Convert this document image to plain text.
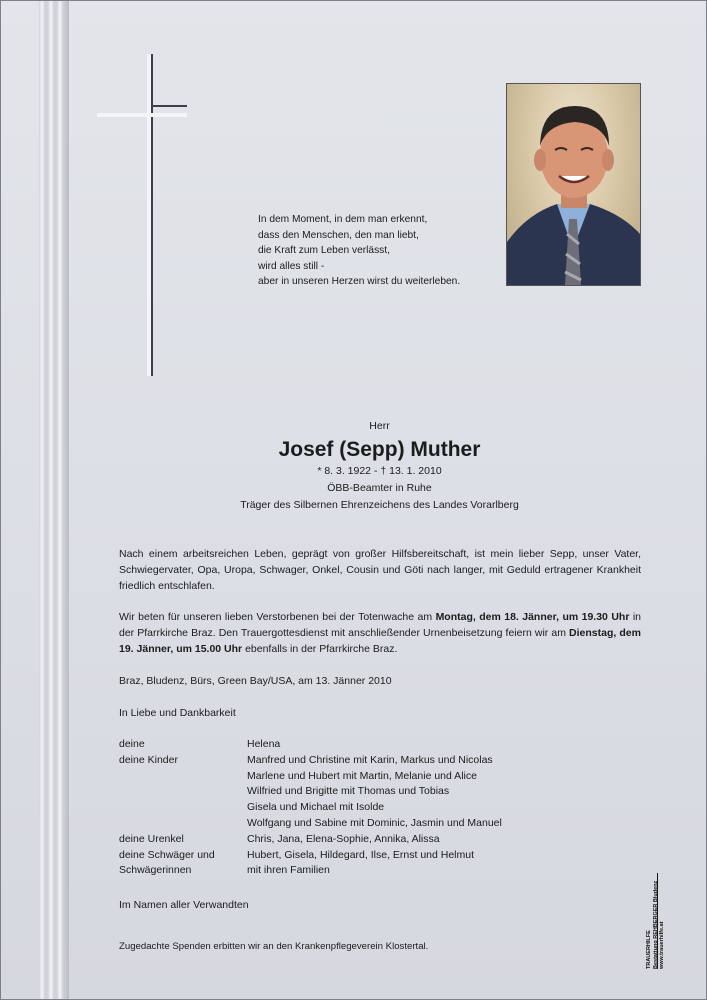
In dem Moment, in dem man erkennt,
dass den Menschen, den man liebt,
die Kraft zum Leben verlässt,
wird alles still -
aber in unseren Herzen wirst du weiterleben.
Herr
Josef (Sepp) Muther
* 8. 3. 1922 - † 13. 1. 2010
ÖBB-Beamter in Ruhe
Träger des Silbernen Ehrenzeichens des Landes Vorarlberg
Nach einem arbeitsreichen Leben, geprägt von großer Hilfsbereitschaft, ist mein lieber Sepp, unser Vater, Schwiegervater, Opa, Uropa, Schwager, Onkel, Cousin und Göti nach langer, mit Geduld ertragener Krankheit friedlich entschlafen.
Wir beten für unseren lieben Verstorbenen bei der Totenwache am Montag, dem 18. Jänner, um 19.30 Uhr in der Pfarrkirche Braz. Den Trauergottesdienst mit anschließender Urnenbeisetzung feiern wir am Dienstag, dem 19. Jänner, um 15.00 Uhr ebenfalls in der Pfarrkirche Braz.
Braz, Bludenz, Bürs, Green Bay/USA, am 13. Jänner 2010
In Liebe und Dankbarkeit
deine	Helena
deine Kinder	Manfred und Christine mit Karin, Markus und Nicolas
Marlene und Hubert mit Martin, Melanie und Alice
Wilfried und Brigitte mit Thomas und Tobias
Gisela und Michael mit Isolde
Wolfgang und Sabine mit Dominic, Jasmin und Manuel
deine Urenkel	Chris, Jana, Elena-Sophie, Annika, Alissa
deine Schwäger und	Hubert, Gisela, Hildegard, Ilse, Ernst und Helmut
Schwägerinnen	mit ihren Familien
Im Namen aller Verwandten
Zugedachte Spenden erbitten wir an den Krankenpflegeverein Klostertal.	TRAUERHILFE Bestattung REHBERGER Bludenz www.trauerhilfe.at
